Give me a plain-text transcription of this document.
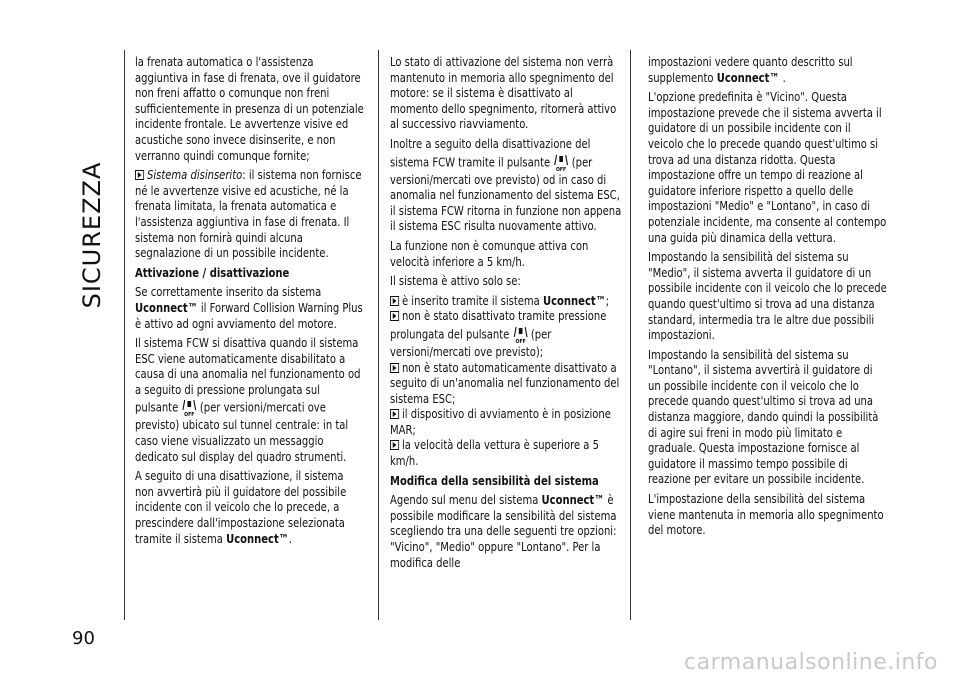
SICUREZZA
90

la frenata automatica o l'assistenza aggiuntiva in fase di frenata, ove il guidatore non freni affatto o comunque non freni sufficientemente in presenza di un potenziale incidente frontale. Le avvertenze visive ed acustiche sono invece disinserite, e non verranno quindi comunque fornite;

Sistema disinserito: il sistema non fornisce né le avvertenze visive ed acustiche, né la frenata limitata, la frenata automatica e l'assistenza aggiuntiva in fase di frenata. Il sistema non fornirà quindi alcuna segnalazione di un possibile incidente.

Attivazione / disattivazione

Se correttamente inserito da sistema
Uconnect™ il Forward Collision Warning Plus è attivo ad ogni avviamento del motore.

Il sistema FCW si disattiva quando il sistema ESC viene automaticamente disabilitato a causa di una anomalia nel funzionamento od a seguito di pressione prolungata sul pulsante
OFF
(per versioni/mercati ove previsto) ubicato sul tunnel centrale: in tal caso viene visualizzato un messaggio dedicato sul display del quadro strumenti.

A seguito di una disattivazione, il sistema non avvertirà più il guidatore del possibile incidente con il veicolo che lo precede, a prescindere dall'impostazione selezionata tramite il sistema Uconnect™.

Lo stato di attivazione del sistema non verrà mantenuto in memoria allo spegnimento del motore: se il sistema è disattivato al momento dello spegnimento, ritornerà attivo al successivo riavviamento.

Inoltre a seguito della disattivazione del sistema FCW tramite il pulsante
OFF
(per versioni/mercati ove previsto) od in caso di anomalia nel funzionamento del sistema ESC, il sistema FCW ritorna in funzione non appena il sistema ESC risulta nuovamente attivo.

La funzione non è comunque attiva con velocità inferiore a 5 km/h.

Il sistema è attivo solo se:

è inserito tramite il sistema Uconnect™;

non è stato disattivato tramite pressione prolungata del pulsante
OFF
(per versioni/mercati ove previsto);

non è stato automaticamente disattivato a seguito di un'anomalia nel funzionamento del sistema ESC;

il dispositivo di avviamento è in posizione MAR;

la velocità della vettura è superiore a 5 km/h.

Modifica della sensibilità del sistema

Agendo sul menu del sistema Uconnect™ è possibile modificare la sensibilità del sistema scegliendo tra una delle seguenti tre opzioni: "Vicino", "Medio" oppure "Lontano". Per la modifica delle

impostazioni vedere quanto descritto sul supplemento Uconnect™ .

L'opzione predefinita è "Vicino". Questa impostazione prevede che il sistema avverta il guidatore di un possibile incidente con il veicolo che lo precede quando quest'ultimo si trova ad una distanza ridotta. Questa impostazione offre un tempo di reazione al guidatore inferiore rispetto a quello delle impostazioni "Medio" e "Lontano", in caso di potenziale incidente, ma consente al contempo una guida più dinamica della vettura.

Impostando la sensibilità del sistema su "Medio", il sistema avverta il guidatore di un possibile incidente con il veicolo che lo precede quando quest'ultimo si trova ad una distanza standard, intermedia tra le altre due possibili impostazioni.

Impostando la sensibilità del sistema su "Lontano", il sistema avvertirà il guidatore di un possibile incidente con il veicolo che lo precede quando quest'ultimo si trova ad una distanza maggiore, dando quindi la possibilità di agire sui freni in modo più limitato e graduale. Questa impostazione fornisce al guidatore il massimo tempo possibile di reazione per evitare un possibile incidente.

L'impostazione della sensibilità del sistema viene mantenuta in memoria allo spegnimento del motore.

carmanualsonline.info
